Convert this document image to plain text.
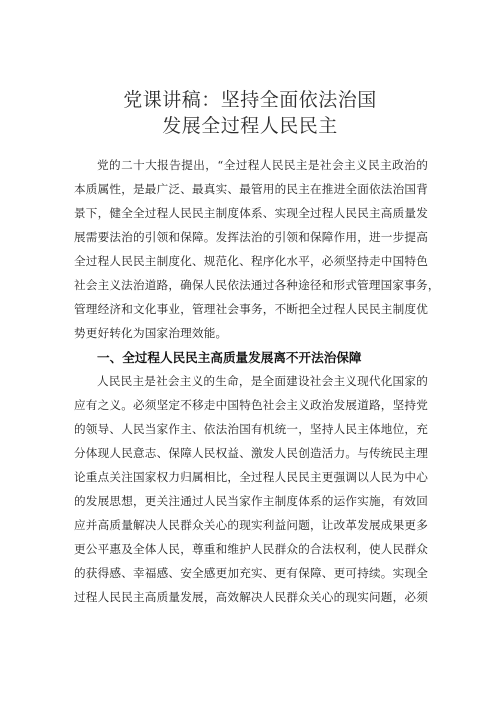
党课讲稿：坚持全面依法治国
发展全过程人民民主
党的二十大报告提出，“全过程人民民主是社会主义民主政治的
本质属性，是最广泛、最真实、最管用的民主在推进全面依法治国背
景下，健全全过程人民民主制度体系、实现全过程人民民主高质量发
展需要法治的引领和保障。发挥法治的引领和保障作用，进一步提高
全过程人民民主制度化、规范化、程序化水平，必须坚持走中国特色
社会主义法治道路，确保人民依法通过各种途径和形式管理国家事务，
管理经济和文化事业，管理社会事务，不断把全过程人民民主制度优
势更好转化为国家治理效能。
一、全过程人民民主高质量发展离不开法治保障
人民民主是社会主义的生命，是全面建设社会主义现代化国家的
应有之义。必须坚定不移走中国特色社会主义政治发展道路，坚持党
的领导、人民当家作主、依法治国有机统一，坚持人民主体地位，充
分体现人民意志、保障人民权益、激发人民创造活力。与传统民主理
论重点关注国家权力归属相比，全过程人民民主更强调以人民为中心
的发展思想，更关注通过人民当家作主制度体系的运作实施，有效回
应并高质量解决人民群众关心的现实利益问题，让改革发展成果更多
更公平惠及全体人民，尊重和维护人民群众的合法权利，使人民群众
的获得感、幸福感、安全感更加充实、更有保障、更可持续。实现全
过程人民民主高质量发展，高效解决人民群众关心的现实问题，必须
